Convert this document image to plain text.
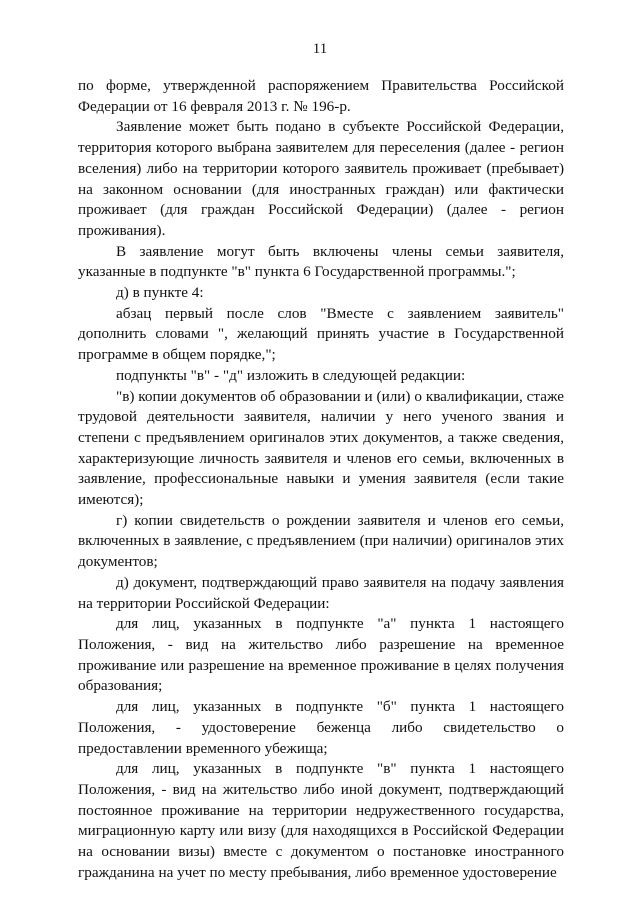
11

по форме, утвержденной распоряжением Правительства Российской Федерации от 16 февраля 2013 г. № 196-р.

Заявление может быть подано в субъекте Российской Федерации, территория которого выбрана заявителем для переселения (далее - регион вселения) либо на территории которого заявитель проживает (пребывает) на законном основании (для иностранных граждан) или фактически проживает (для граждан Российской Федерации) (далее - регион проживания).

В заявление могут быть включены члены семьи заявителя, указанные в подпункте "в" пункта 6 Государственной программы.";

д) в пункте 4:

абзац первый после слов "Вместе с заявлением заявитель" дополнить словами ", желающий принять участие в Государственной программе в общем порядке,";

подпункты "в" - "д" изложить в следующей редакции:

"в) копии документов об образовании и (или) о квалификации, стаже трудовой деятельности заявителя, наличии у него ученого звания и степени с предъявлением оригиналов этих документов, а также сведения, характеризующие личность заявителя и членов его семьи, включенных в заявление, профессиональные навыки и умения заявителя (если такие имеются);

г) копии свидетельств о рождении заявителя и членов его семьи, включенных в заявление, с предъявлением (при наличии) оригиналов этих документов;

д) документ, подтверждающий право заявителя на подачу заявления на территории Российской Федерации:

для лиц, указанных в подпункте "а" пункта 1 настоящего Положения, - вид на жительство либо разрешение на временное проживание или разрешение на временное проживание в целях получения образования;

для лиц, указанных в подпункте "б" пункта 1 настоящего Положения, - удостоверение беженца либо свидетельство о предоставлении временного убежища;

для лиц, указанных в подпункте "в" пункта 1 настоящего Положения, - вид на жительство либо иной документ, подтверждающий постоянное проживание на территории недружественного государства, миграционную карту или визу (для находящихся в Российской Федерации на основании визы) вместе с документом о постановке иностранного гражданина на учет по месту пребывания, либо временное удостоверение
